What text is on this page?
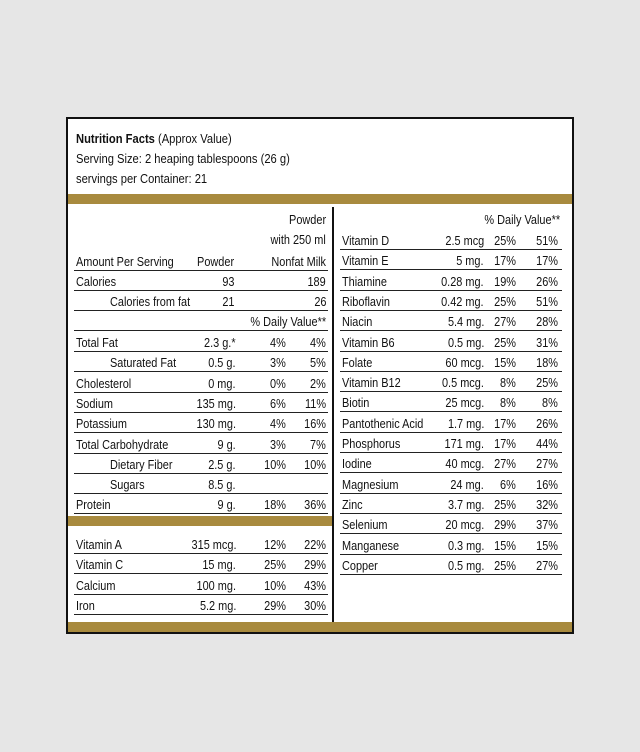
Nutrition Facts (Approx Value)
Serving Size: 2 heaping tablespoons (26 g)
servings per Container: 21
Powder
with 250 ml
Amount Per Serving	Powder	Nonfat Milk
Calories	93	189
Calories from fat	21	26
% Daily Value**
Total Fat	2.3 g.*	4%	4%
Saturated Fat	0.5 g.	3%	5%
Cholesterol	0 mg.	0%	2%
Sodium	135 mg.	6%	11%
Potassium	130 mg.	4%	16%
Total Carbohydrate	9 g.	3%	7%
Dietary Fiber	2.5 g.	10%	10%
Sugars	8.5 g.
Protein	9 g.	18%	36%
Vitamin A	315 mcg.	12%	22%
Vitamin C	15 mg.	25%	29%
Calcium	100 mg.	10%	43%
Iron	5.2 mg.	29%	30%
% Daily Value**
Vitamin D	2.5 mcg 25%	51%
Vitamin E	5 mg. 17%	17%
Thiamine	0.28 mg. 19%	26%
Riboflavin	0.42 mg. 25%	51%
Niacin	5.4 mg. 27%	28%
Vitamin B6	0.5 mg. 25%	31%
Folate	60 mcg. 15%	18%
Vitamin B12	0.5 mcg.	8%	25%
Biotin	25 mcg.	8%	8%
Pantothenic Acid	1.7 mg. 17%	26%
Phosphorus	171 mg. 17%	44%
Iodine	40 mcg. 27%	27%
Magnesium	24 mg.	6%	16%
Zinc	3.7 mg. 25%	32%
Selenium	20 mcg. 29%	37%
Manganese	0.3 mg. 15%	15%
Copper	0.5 mg. 25%	27%
